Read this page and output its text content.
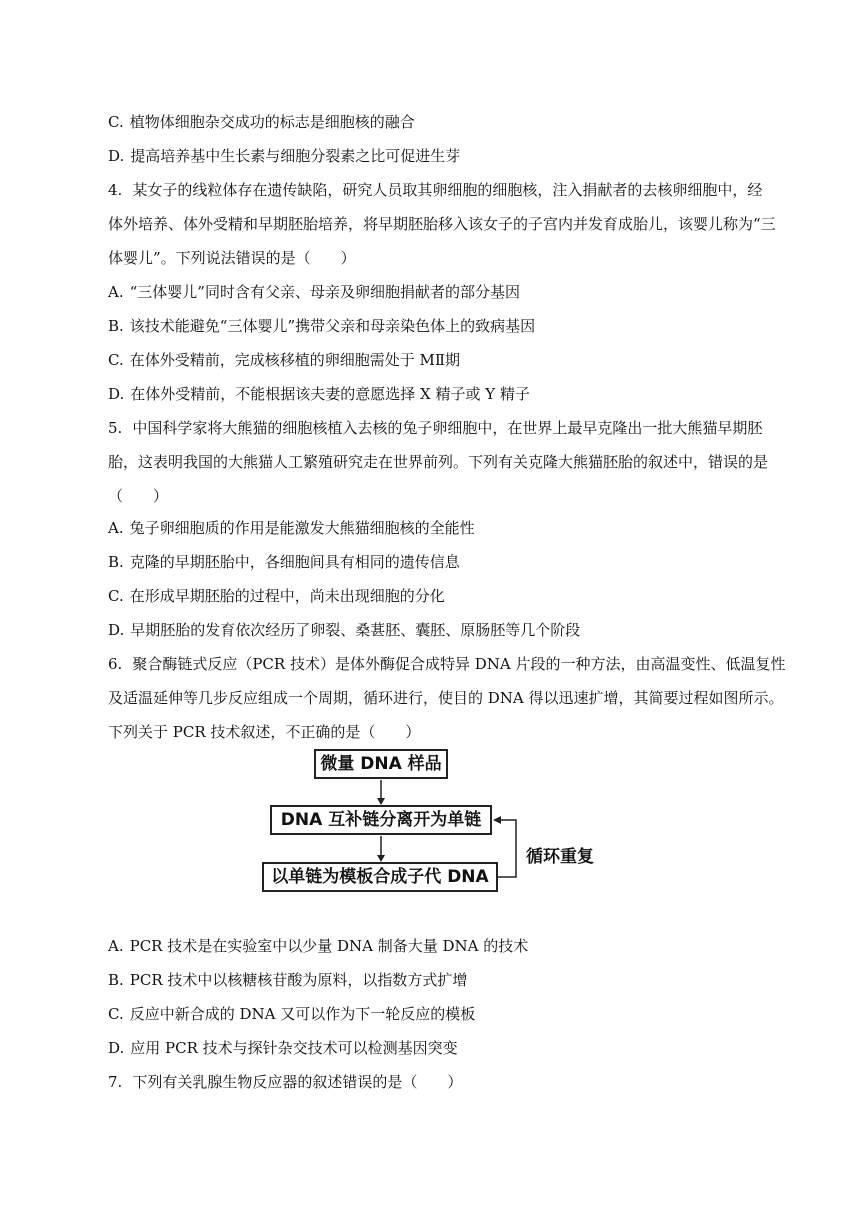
C. 植物体细胞杂交成功的标志是细胞核的融合
D. 提高培养基中生长素与细胞分裂素之比可促进生芽
4. 某女子的线粒体存在遗传缺陷，研究人员取其卵细胞的细胞核，注入捐献者的去核卵细胞中，经
体外培养、体外受精和早期胚胎培养，将早期胚胎移入该女子的子宫内并发育成胎儿，该婴儿称为“三
体婴儿”。下列说法错误的是（　　）
A. “三体婴儿”同时含有父亲、母亲及卵细胞捐献者的部分基因
B. 该技术能避免“三体婴儿”携带父亲和母亲染色体上的致病基因
C. 在体外受精前，完成核移植的卵细胞需处于 MⅡ期
D. 在体外受精前，不能根据该夫妻的意愿选择 X 精子或 Y 精子
5. 中国科学家将大熊猫的细胞核植入去核的兔子卵细胞中，在世界上最早克隆出一批大熊猫早期胚
胎，这表明我国的大熊猫人工繁殖研究走在世界前列。下列有关克隆大熊猫胚胎的叙述中，错误的是
（　　）
A. 兔子卵细胞质的作用是能激发大熊猫细胞核的全能性
B. 克隆的早期胚胎中，各细胞间具有相同的遗传信息
C. 在形成早期胚胎的过程中，尚未出现细胞的分化
D. 早期胚胎的发育依次经历了卵裂、桑葚胚、囊胚、原肠胚等几个阶段
6. 聚合酶链式反应（PCR 技术）是体外酶促合成特异 DNA 片段的一种方法，由高温变性、低温复性
及适温延伸等几步反应组成一个周期，循环进行，使目的 DNA 得以迅速扩增，其简要过程如图所示。
下列关于 PCR 技术叙述，不正确的是（　　）
微量 DNA 样品
DNA 互补链分离开为单链
以单链为模板合成子代 DNA
循环重复
A. PCR 技术是在实验室中以少量 DNA 制备大量 DNA 的技术
B. PCR 技术中以核糖核苷酸为原料，以指数方式扩增
C. 反应中新合成的 DNA 又可以作为下一轮反应的模板
D. 应用 PCR 技术与探针杂交技术可以检测基因突变
7. 下列有关乳腺生物反应器的叙述错误的是（　　）
